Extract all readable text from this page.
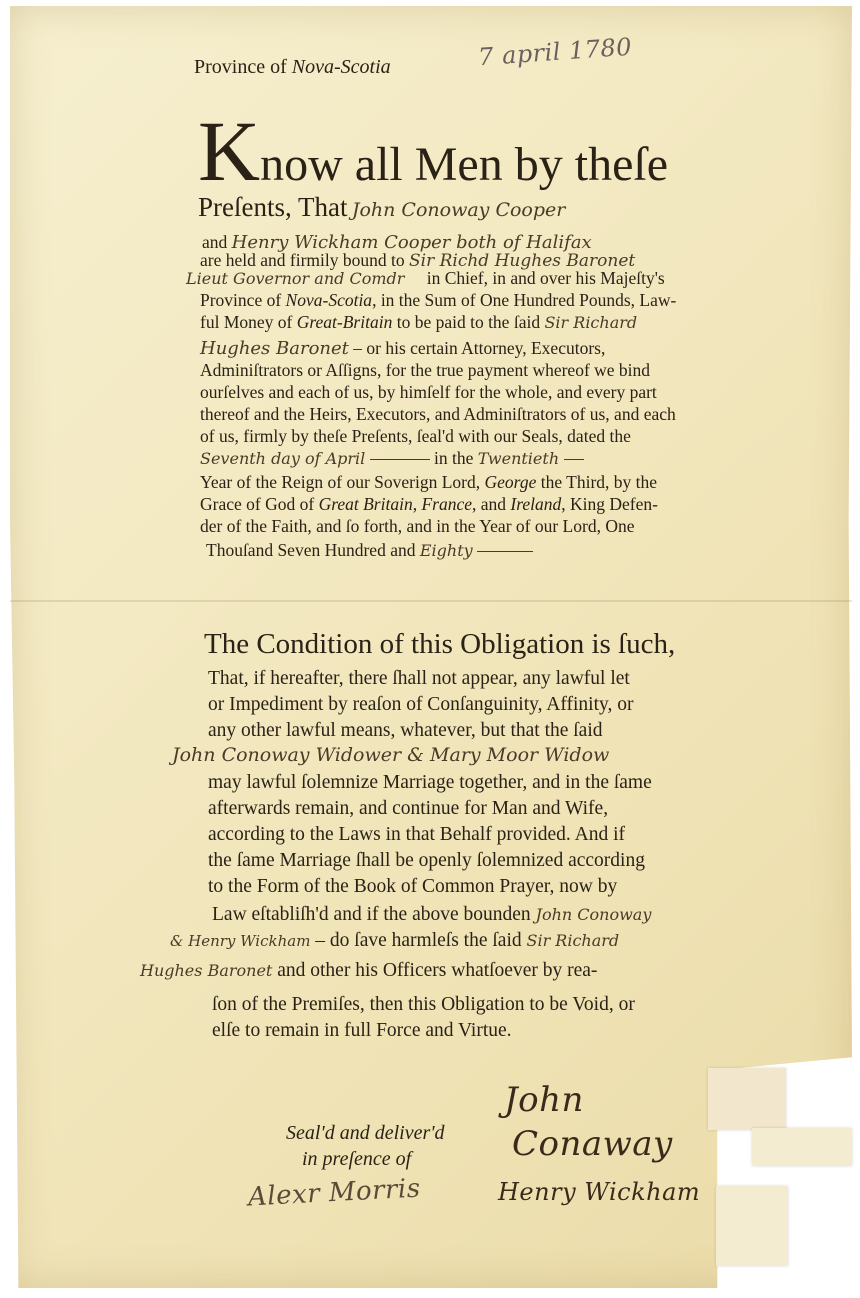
Province of Nova-Scotia	7 april 1780
Know all Men by theſe
Preſents, That John Conoway Cooper
and Henry Wickham Cooper both of Halifax
are held and firmily bound to Sir Richd Hughes Baronet
Lieut Governor and Comdr in Chief, in and over his Majeſty's
Province of Nova-Scotia, in the Sum of One Hundred Pounds, Law-
ful Money of Great-Britain to be paid to the ſaid Sir Richard
Hughes Baronet – or his certain Attorney, Executors,
Adminiſtrators or Aſſigns, for the true payment whereof we bind
ourſelves and each of us, by himſelf for the whole, and every part
thereof and the Heirs, Executors, and Adminiſtrators of us, and each
of us, firmly by theſe Preſents, ſeal'd with our Seals, dated the
Seventh day of April	in the Twentieth
Year of the Reign of our Soverign Lord, George the Third, by the
Grace of God of Great Britain, France, and Ireland, King Defen-
der of the Faith, and ſo forth, and in the Year of our Lord, One
Thouſand Seven Hundred and Eighty
The Condition of this Obligation is ſuch,
That, if hereafter, there ſhall not appear, any lawful let
or Impediment by reaſon of Conſanguinity, Affinity, or
any other lawful means, whatever, but that the ſaid
John Conoway Widower & Mary Moor Widow
may lawful ſolemnize Marriage together, and in the ſame
afterwards remain, and continue for Man and Wife,
according to the Laws in that Behalf provided. And if
the ſame Marriage ſhall be openly ſolemnized according
to the Form of the Book of Common Prayer, now by
Law eſtabliſh'd and if the above bounden John Conoway
& Henry Wickham – do ſave harmleſs the ſaid Sir Richard
Hughes Baronet and other his Officers whatſoever by rea-
ſon of the Premiſes, then this Obligation to be Void, or
elſe to remain in full Force and Virtue.
Seal'd and deliver'd
in preſence of
Alexr Morris
John
Conaway
Henry Wickham
